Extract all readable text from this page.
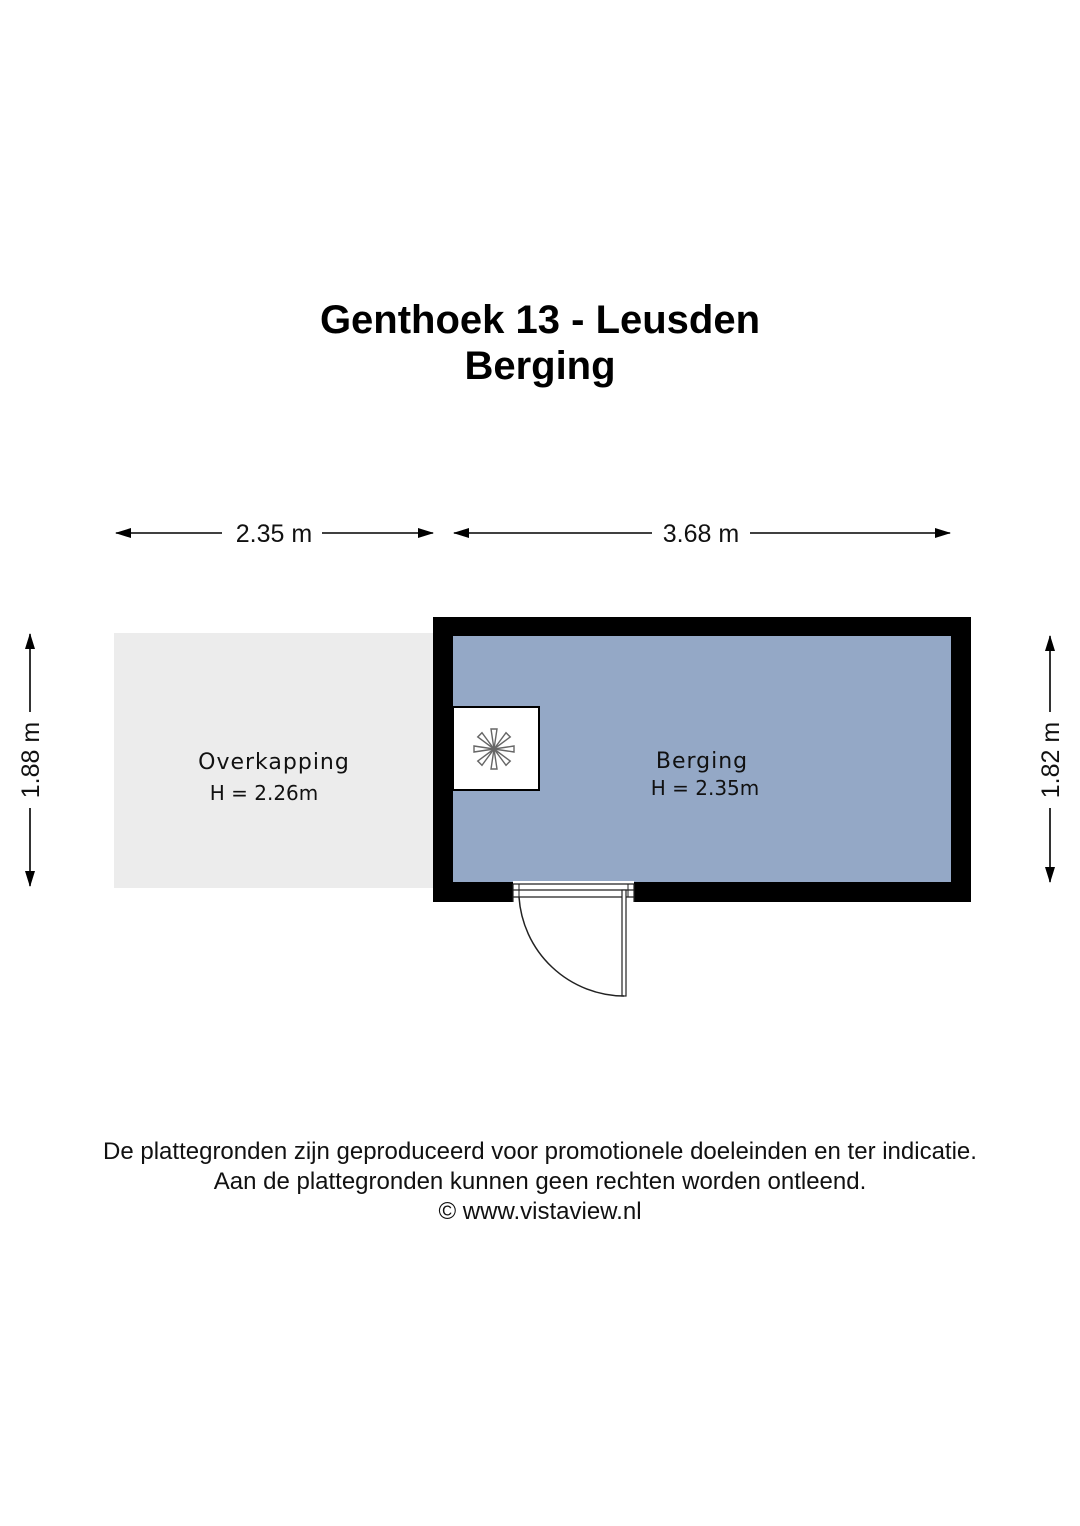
Genthoek 13 - Leusden
Berging
2.35 m	3.68 m
1.88 m	1.82 m
Overkapping
H = 2.26m
Berging
H = 2.35m
De plattegronden zijn geproduceerd voor promotionele doeleinden en ter indicatie.
Aan de plattegronden kunnen geen rechten worden ontleend.
© www.vistaview.nl
